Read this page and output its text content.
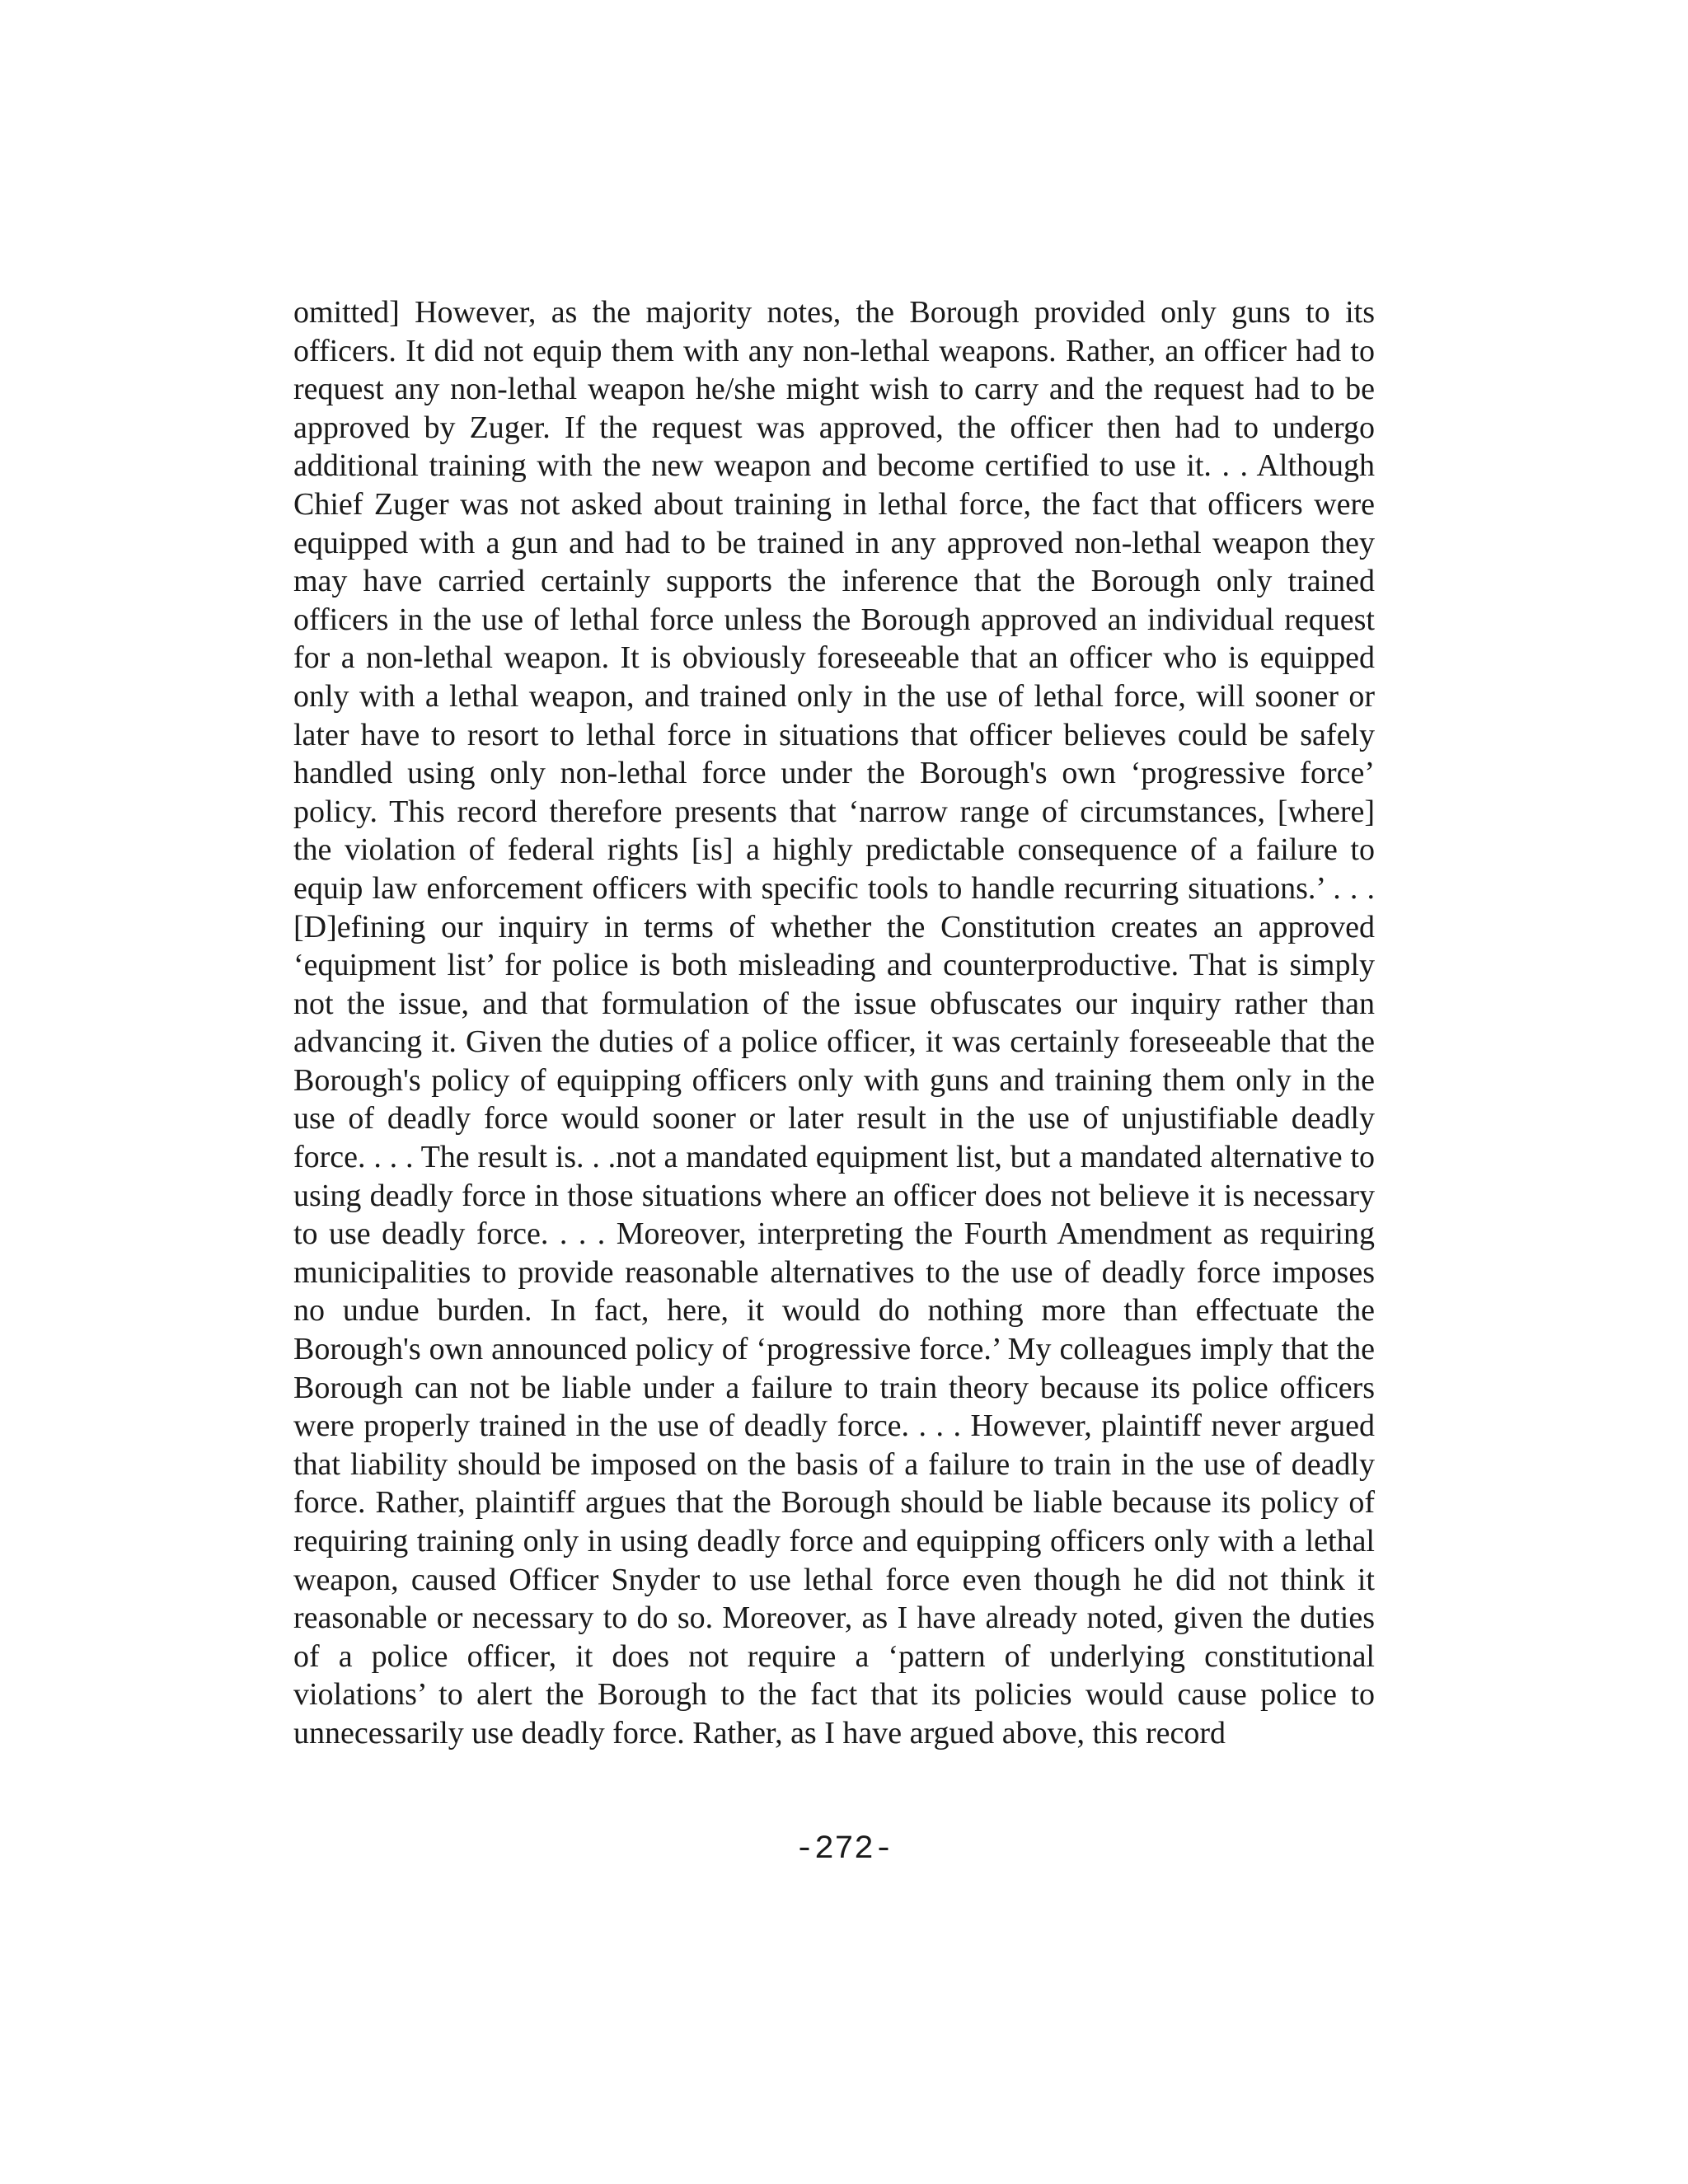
omitted] However, as the majority notes, the Borough provided only guns to its officers. It did not equip them with any non-lethal weapons. Rather, an officer had to request any non-lethal weapon he/she might wish to carry and the request had to be approved by Zuger. If the request was approved, the officer then had to undergo additional training with the new weapon and become certified to use it. . . Although Chief Zuger was not asked about training in lethal force, the fact that officers were equipped with a gun and had to be trained in any approved non-lethal weapon they may have carried certainly supports the inference that the Borough only trained officers in the use of lethal force unless the Borough approved an individual request for a non-lethal weapon. It is obviously foreseeable that an officer who is equipped only with a lethal weapon, and trained only in the use of lethal force, will sooner or later have to resort to lethal force in situations that officer believes could be safely handled using only non-lethal force under the Borough's own ‘progressive force’ policy. This record therefore presents that ‘narrow range of circumstances, [where] the violation of federal rights [is] a highly predictable consequence of a failure to equip law enforcement officers with specific tools to handle recurring situations.’ . . . [D]efining our inquiry in terms of whether the Constitution creates an approved ‘equipment list’ for police is both misleading and counterproductive. That is simply not the issue, and that formulation of the issue obfuscates our inquiry rather than advancing it. Given the duties of a police officer, it was certainly foreseeable that the Borough's policy of equipping officers only with guns and training them only in the use of deadly force would sooner or later result in the use of unjustifiable deadly force. . . . The result is. . .not a mandated equipment list, but a mandated alternative to using deadly force in those situations where an officer does not believe it is necessary to use deadly force. . . . Moreover, interpreting the Fourth Amendment as requiring municipalities to provide reasonable alternatives to the use of deadly force imposes no undue burden. In fact, here, it would do nothing more than effectuate the Borough's own announced policy of ‘progressive force.’ My colleagues imply that the Borough can not be liable under a failure to train theory because its police officers were properly trained in the use of deadly force. . . . However, plaintiff never argued that liability should be imposed on the basis of a failure to train in the use of deadly force. Rather, plaintiff argues that the Borough should be liable because its policy of requiring training only in using deadly force and equipping officers only with a lethal weapon, caused Officer Snyder to use lethal force even though he did not think it reasonable or necessary to do so. Moreover, as I have already noted, given the duties of a police officer, it does not require a ‘pattern of underlying constitutional violations’ to alert the Borough to the fact that its policies would cause police to unnecessarily use deadly force. Rather, as I have argued above, this record

-272-
